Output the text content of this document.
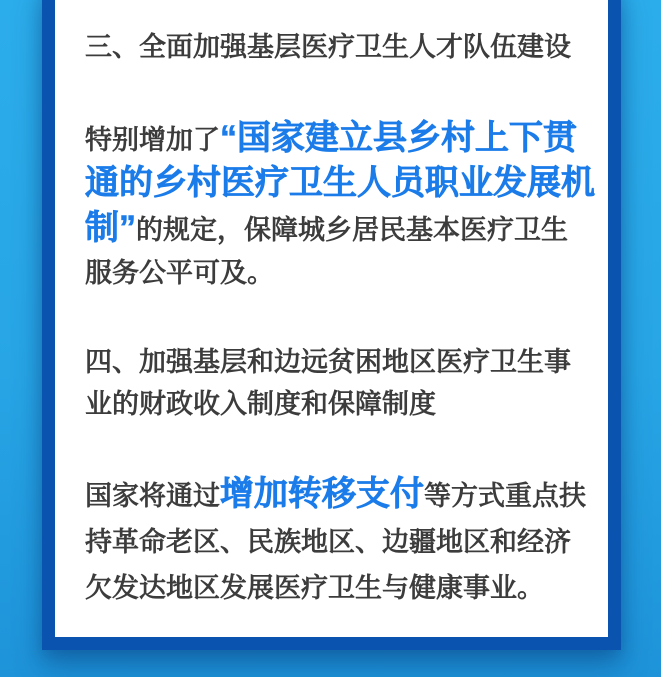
三、全面加强基层医疗卫生人才队伍建设
特别增加了“国家建立县乡村上下贯
通的乡村医疗卫生人员职业发展机
制”的规定，保障城乡居民基本医疗卫生
服务公平可及。
四、加强基层和边远贫困地区医疗卫生事业的财政收入制度和保障制度
国家将通过增加转移支付等方式重点扶
持革命老区、民族地区、边疆地区和经济
欠发达地区发展医疗卫生与健康事业。
